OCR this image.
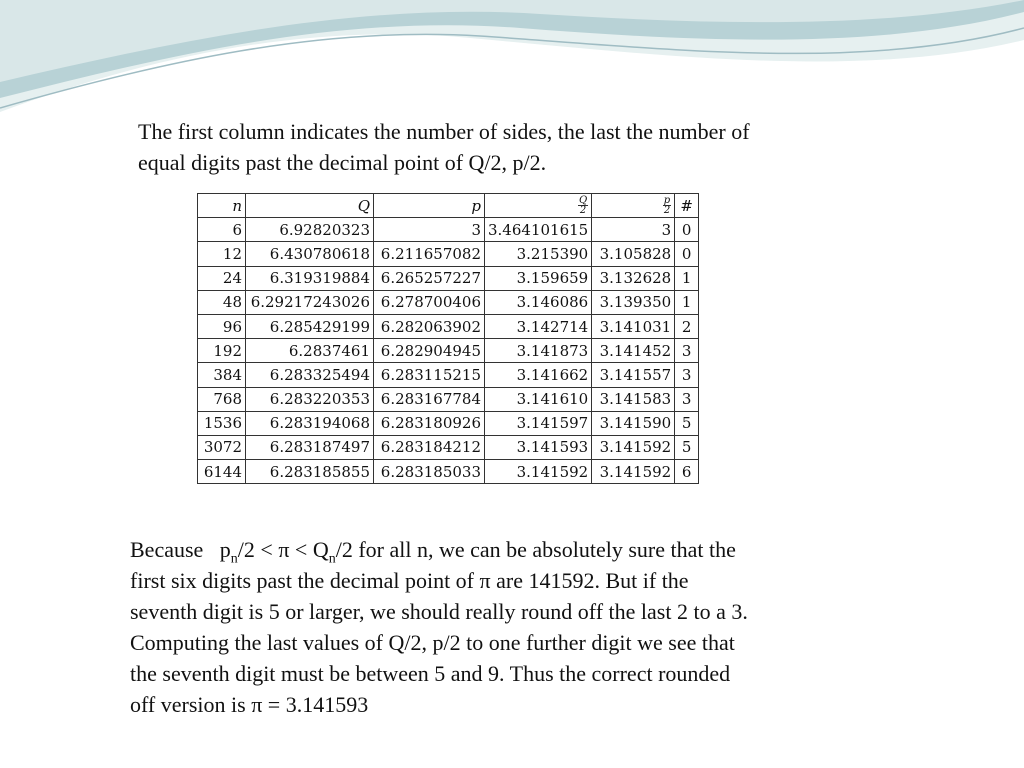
The first column indicates the number of sides, the last the number of
equal digits past the decimal point of Q/2, p/2.

n	Q	p	$\frac{Q}{2}$	$\frac{p}{2}$	#
6	6.92820323	3	3.464101615	3	0
12	6.430780618	6.211657082	3.215390	3.105828	0
24	6.319319884	6.265257227	3.159659	3.132628	1
48	6.29217243026	6.278700406	3.146086	3.139350	1
96	6.285429199	6.282063902	3.142714	3.141031	2
192	6.2837461	6.282904945	3.141873	3.141452	3
384	6.283325494	6.283115215	3.141662	3.141557	3
768	6.283220353	6.283167784	3.141610	3.141583	3
1536	6.283194068	6.283180926	3.141597	3.141590	5
3072	6.283187497	6.283184212	3.141593	3.141592	5
6144	6.283185855	6.283185033	3.141592	3.141592	6

Because $p_n/2 < \pi < Q_n/2$ for all n, we can be absolutely sure that the
first six digits past the decimal point of π are 141592. But if the
seventh digit is 5 or larger, we should really round off the last 2 to a 3.
Computing the last values of Q/2, p/2 to one further digit we see that
the seventh digit must be between 5 and 9. Thus the correct rounded
off version is π = 3.141593
